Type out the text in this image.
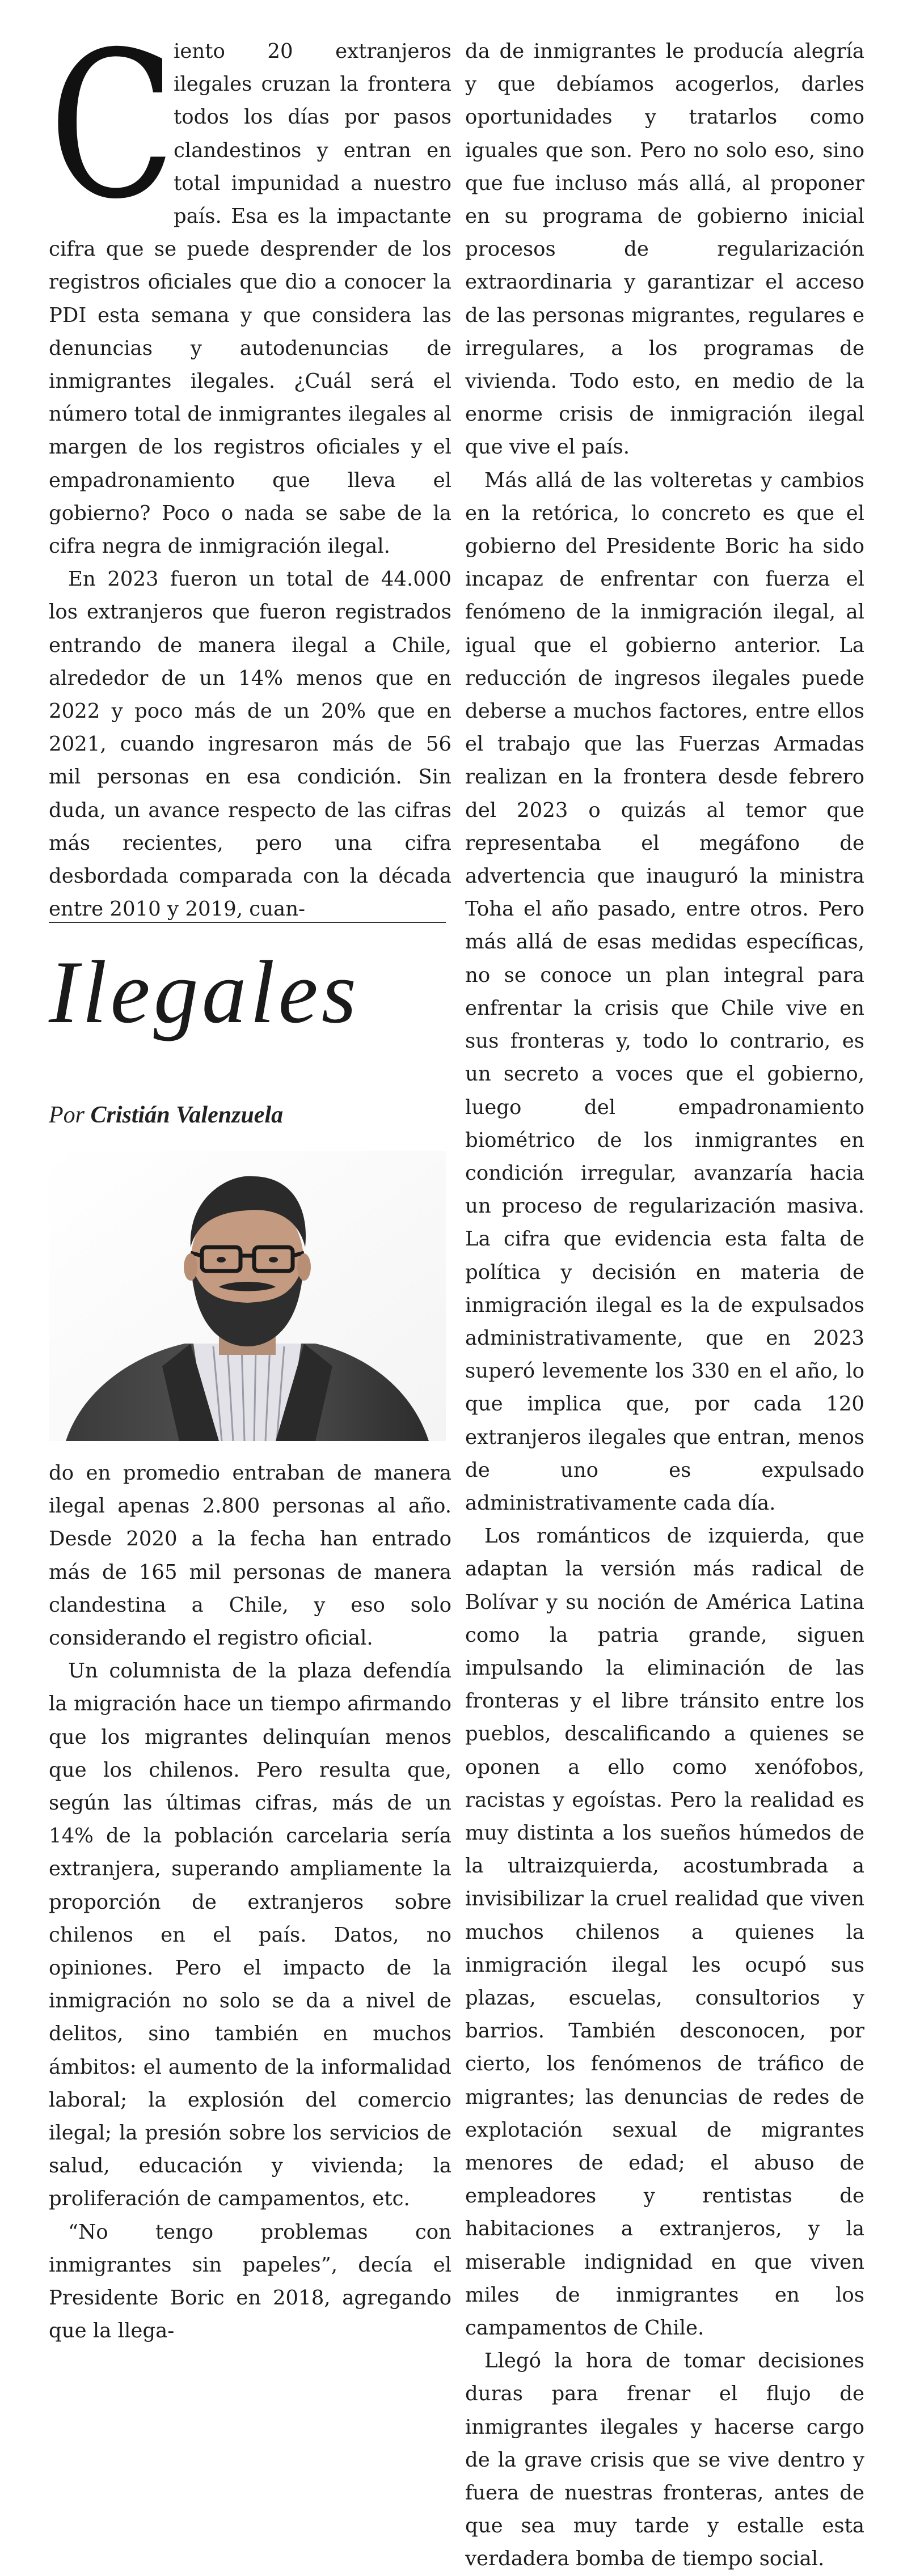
C
iento 20 extranjeros ilegales cruzan la frontera todos los días por pasos clandestinos y entran en total impunidad a nuestro país. Esa es la impactante cifra que se puede desprender de los registros oficiales que dio a conocer la PDI esta semana y que considera las denuncias y autodenuncias de inmigrantes ilegales. ¿Cuál será el número total de inmigrantes ilegales al margen de los registros oficiales y el empadronamiento que lleva el gobierno? Poco o nada se sabe de la cifra negra de inmigración ilegal.

En 2023 fueron un total de 44.000 los extranjeros que fueron registrados entrando de manera ilegal a Chile, alrededor de un 14% menos que en 2022 y poco más de un 20% que en 2021, cuando ingresaron más de 56 mil personas en esa condición. Sin duda, un avance respecto de las cifras más recientes, pero una cifra desbordada comparada con la década entre 2010 y 2019, cuan-

Ilegales
Por Cristián Valenzuela

do en promedio entraban de manera ilegal apenas 2.800 personas al año. Desde 2020 a la fecha han entrado más de 165 mil personas de manera clandestina a Chile, y eso solo considerando el registro oficial.

Un columnista de la plaza defendía la migración hace un tiempo afirmando que los migrantes delinquían menos que los chilenos. Pero resulta que, según las últimas cifras, más de un 14% de la población carcelaria sería extranjera, superando ampliamente la proporción de extranjeros sobre chilenos en el país. Datos, no opiniones. Pero el impacto de la inmigración no solo se da a nivel de delitos, sino también en muchos ámbitos: el aumento de la informalidad laboral; la explosión del comercio ilegal; la presión sobre los servicios de salud, educación y vivienda; la proliferación de campamentos, etc.

“No tengo problemas con inmigrantes sin papeles”, decía el Presidente Boric en 2018, agregando que la llega-

da de inmigrantes le producía alegría y que debíamos acogerlos, darles oportunidades y tratarlos como iguales que son. Pero no solo eso, sino que fue incluso más allá, al proponer en su programa de gobierno inicial procesos de regularización extraordinaria y garantizar el acceso de las personas migrantes, regulares e irregulares, a los programas de vivienda. Todo esto, en medio de la enorme crisis de inmigración ilegal que vive el país.

Más allá de las volteretas y cambios en la retórica, lo concreto es que el gobierno del Presidente Boric ha sido incapaz de enfrentar con fuerza el fenómeno de la inmigración ilegal, al igual que el gobierno anterior. La reducción de ingresos ilegales puede deberse a muchos factores, entre ellos el trabajo que las Fuerzas Armadas realizan en la frontera desde febrero del 2023 o quizás al temor que representaba el megáfono de advertencia que inauguró la ministra Toha el año pasado, entre otros. Pero más allá de esas medidas específicas, no se conoce un plan integral para enfrentar la crisis que Chile vive en sus fronteras y, todo lo contrario, es un secreto a voces que el gobierno, luego del empadronamiento biométrico de los inmigrantes en condición irregular, avanzaría hacia un proceso de regularización masiva. La cifra que evidencia esta falta de política y decisión en materia de inmigración ilegal es la de expulsados administrativamente, que en 2023 superó levemente los 330 en el año, lo que implica que, por cada 120 extranjeros ilegales que entran, menos de uno es expulsado administrativamente cada día.

Los románticos de izquierda, que adaptan la versión más radical de Bolívar y su noción de América Latina como la patria grande, siguen impulsando la eliminación de las fronteras y el libre tránsito entre los pueblos, descalificando a quienes se oponen a ello como xenófobos, racistas y egoístas. Pero la realidad es muy distinta a los sueños húmedos de la ultraizquierda, acostumbrada a invisibilizar la cruel realidad que viven muchos chilenos a quienes la inmigración ilegal les ocupó sus plazas, escuelas, consultorios y barrios. También desconocen, por cierto, los fenómenos de tráfico de migrantes; las denuncias de redes de explotación sexual de migrantes menores de edad; el abuso de empleadores y rentistas de habitaciones a extranjeros, y la miserable indignidad en que viven miles de inmigrantes en los campamentos de Chile.

Llegó la hora de tomar decisiones duras para frenar el flujo de inmigrantes ilegales y hacerse cargo de la grave crisis que se vive dentro y fuera de nuestras fronteras, antes de que sea muy tarde y estalle esta verdadera bomba de tiempo social.
